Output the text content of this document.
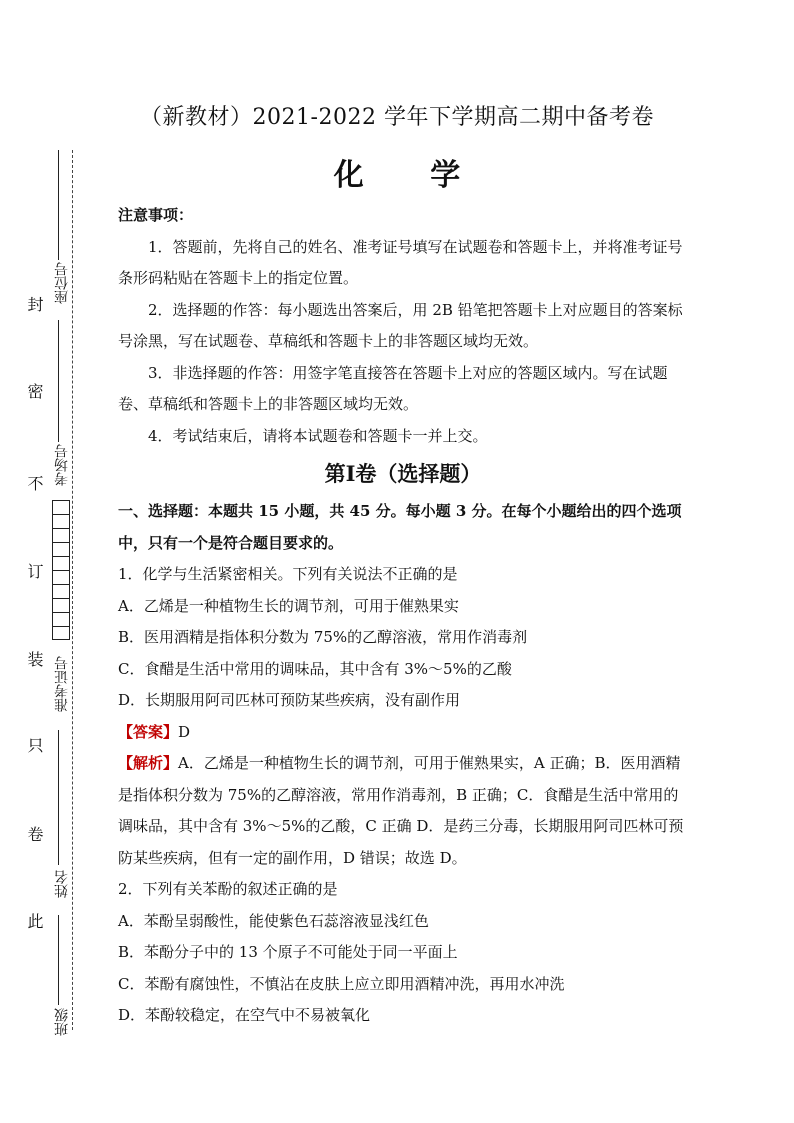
封
密
不
订
装
只
卷
此
座位号
考场号
准考证号
姓名
班级
（新教材）2021-2022 学年下学期高二期中备考卷
化 学

注意事项：

1．答题前，先将自己的姓名、准考证号填写在试题卷和答题卡上，并将准考证号条形码粘贴在答题卡上的指定位置。

2．选择题的作答：每小题选出答案后，用 2B 铅笔把答题卡上对应题目的答案标号涂黑，写在试题卷、草稿纸和答题卡上的非答题区域均无效。

3．非选择题的作答：用签字笔直接答在答题卡上对应的答题区域内。写在试题卷、草稿纸和答题卡上的非答题区域均无效。

4．考试结束后，请将本试题卷和答题卡一并上交。

第Ⅰ卷（选择题）

一、选择题：本题共 15 小题，共 45 分。每小题 3 分。在每个小题给出的四个选项中，只有一个是符合题目要求的。

1．化学与生活紧密相关。下列有关说法不正确的是

A．乙烯是一种植物生长的调节剂，可用于催熟果实

B．医用酒精是指体积分数为 75%的乙醇溶液，常用作消毒剂

C．食醋是生活中常用的调味品，其中含有 3%～5%的乙酸

D．长期服用阿司匹林可预防某些疾病，没有副作用

【答案】D

【解析】A．乙烯是一种植物生长的调节剂，可用于催熟果实，A 正确；B．医用酒精是指体积分数为 75%的乙醇溶液，常用作消毒剂，B 正确；C．食醋是生活中常用的调味品，其中含有 3%～5%的乙酸，C 正确 D．是药三分毒，长期服用阿司匹林可预防某些疾病，但有一定的副作用，D 错误；故选 D。

2．下列有关苯酚的叙述正确的是

A．苯酚呈弱酸性，能使紫色石蕊溶液显浅红色

B．苯酚分子中的 13 个原子不可能处于同一平面上

C．苯酚有腐蚀性，不慎沾在皮肤上应立即用酒精冲洗，再用水冲洗

D．苯酚较稳定，在空气中不易被氧化
